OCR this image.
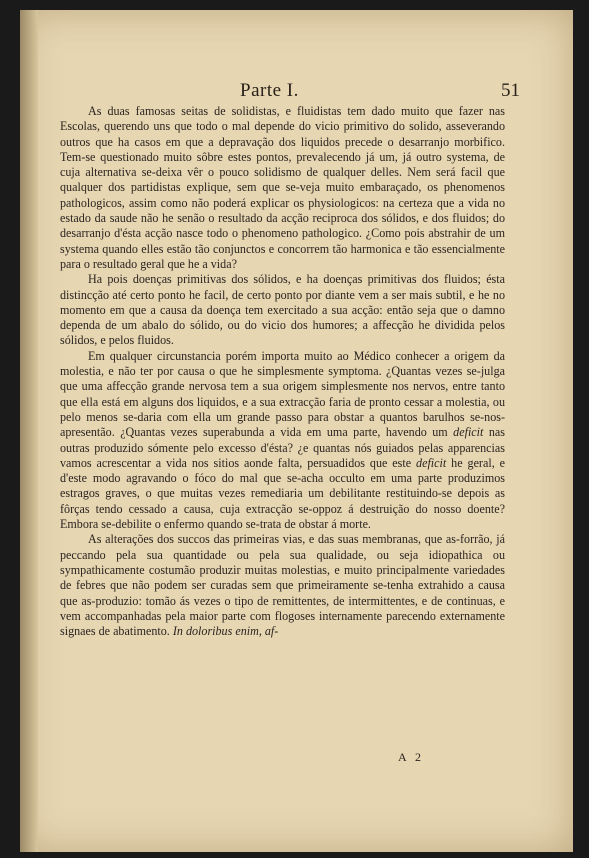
Parte I.	51

As duas famosas seitas de solidistas, e fluidistas tem dado muito que fazer nas Escolas, querendo uns que todo o mal depende do vicio primitivo do solido, asseverando outros que ha casos em que a depravação dos liquidos precede o desarranjo morbifico. Tem-se questionado muito sôbre estes pontos, prevalecendo já um, já outro systema, de cuja alternativa se-deixa vêr o pouco solidismo de qualquer delles. Nem será facil que qualquer dos partidistas explique, sem que se-veja muito embaraçado, os phenomenos pathologicos, assim como não poderá explicar os physiologicos: na certeza que a vida no estado da saude não he senão o resultado da acção reciproca dos sólidos, e dos fluidos; do desarranjo d'ésta acção nasce todo o phenomeno pathologico. ¿Como pois abstrahir de um systema quando elles estão tão conjunctos e concorrem tão harmonica e tão essencialmente para o resultado geral que he a vida?

Ha pois doenças primitivas dos sólidos, e ha doenças primitivas dos fluidos; ésta distincção até certo ponto he facil, de certo ponto por diante vem a ser mais subtil, e he no momento em que a causa da doença tem exercitado a sua acção: então seja que o damno dependa de um abalo do sólido, ou do vicio dos humores; a affecção he dividida pelos sólidos, e pelos fluidos.

Em qualquer circunstancia porém importa muito ao Médico conhecer a origem da molestia, e não ter por causa o que he simplesmente symptoma. ¿Quantas vezes se-julga que uma affecção grande nervosa tem a sua origem simplesmente nos nervos, entre tanto que ella está em alguns dos liquidos, e a sua extracção faria de pronto cessar a molestia, ou pelo menos se-daria com ella um grande passo para obstar a quantos barulhos se-nos-apresentão. ¿Quantas vezes superabunda a vida em uma parte, havendo um deficit nas outras produzido sómente pelo excesso d'ésta? ¿e quantas nós guiados pelas apparencias vamos acrescentar a vida nos sitios aonde falta, persuadidos que este deficit he geral, e d'este modo agravando o fóco do mal que se-acha occulto em uma parte produzimos estragos graves, o que muitas vezes remediaria um debilitante restituindo-se depois as fôrças tendo cessado a causa, cuja extracção se-oppoz á destruição do nosso doente? Embora se-debilite o enfermo quando se-trata de obstar á morte.

As alterações dos succos das primeiras vias, e das suas membranas, que as-forrão, já peccando pela sua quantidade ou pela sua qualidade, ou seja idiopathica ou sympathicamente costumão produzir muitas molestias, e muito principalmente variedades de febres que não podem ser curadas sem que primeiramente se-tenha extrahido a causa que as-produzio: tomão ás vezes o tipo de remittentes, de intermittentes, e de continuas, e vem accompanhadas pela maior parte com flogoses internamente parecendo externamente signaes de abatimento. In doloribus enim, af-

A 2
